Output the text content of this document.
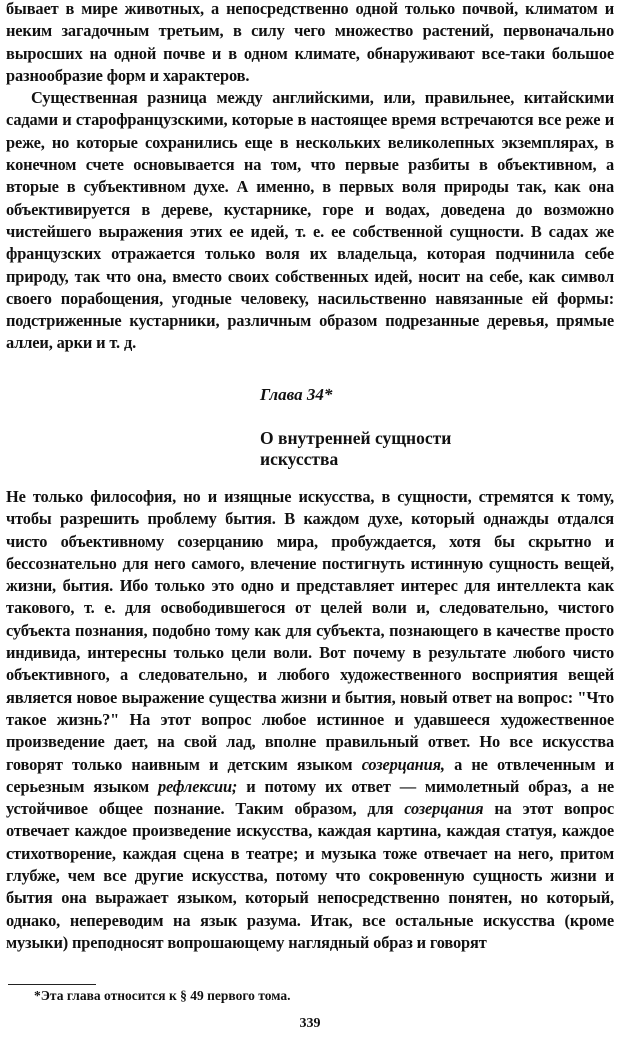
бывает в мире животных, а непосредственно одной только почвой, климатом и неким загадочным третьим, в силу чего множество растений, первоначально выросших на одной почве и в одном климате, обнаруживают все-таки большое разнообразие форм и характеров.

Существенная разница между английскими, или, правильнее, китайскими садами и старофранцузскими, которые в настоящее время встречаются все реже и реже, но которые сохранились еще в нескольких великолепных экземплярах, в конечном счете основывается на том, что первые разбиты в объективном, а вторые в субъективном духе. А именно, в первых воля природы так, как она объективируется в дереве, кустарнике, горе и водах, доведена до возможно чистейшего выражения этих ее идей, т. е. ее собственной сущности. В садах же французских отражается только воля их владельца, которая подчинила себе природу, так что она, вместо своих собственных идей, носит на себе, как символ своего порабощения, угодные человеку, насильственно навязанные ей формы: подстриженные кустарники, различным образом подрезанные деревья, прямые аллеи, арки и т. д.

Глава 34*

О внутренней сущности
искусства

Не только философия, но и изящные искусства, в сущности, стремятся к тому, чтобы разрешить проблему бытия. В каждом духе, который однажды отдался чисто объективному созерцанию мира, пробуждается, хотя бы скрытно и бессознательно для него самого, влечение постигнуть истинную сущность вещей, жизни, бытия. Ибо только это одно и представляет интерес для интеллекта как такового, т. е. для освободившегося от целей воли и, следовательно, чистого субъекта познания, подобно тому как для субъекта, познающего в качестве просто индивида, интересны только цели воли. Вот почему в результате любого чисто объективного, а следовательно, и любого художественного восприятия вещей является новое выражение существа жизни и бытия, новый ответ на вопрос: "Что такое жизнь?" На этот вопрос любое истинное и удавшееся художественное произведение дает, на свой лад, вполне правильный ответ. Но все искусства говорят только наивным и детским языком созерцания, а не отвлеченным и серьезным языком рефлексии; и потому их ответ — мимолетный образ, а не устойчивое общее познание. Таким образом, для созерцания на этот вопрос отвечает каждое произведение искусства, каждая картина, каждая статуя, каждое стихотворение, каждая сцена в театре; и музыка тоже отвечает на него, притом глубже, чем все другие искусства, потому что сокровенную сущность жизни и бытия она выражает языком, который непосредственно понятен, но который, однако, непереводим на язык разума. Итак, все остальные искусства (кроме музыки) преподносят вопрошающему наглядный образ и говорят

*Эта глава относится к § 49 первого тома.

339
